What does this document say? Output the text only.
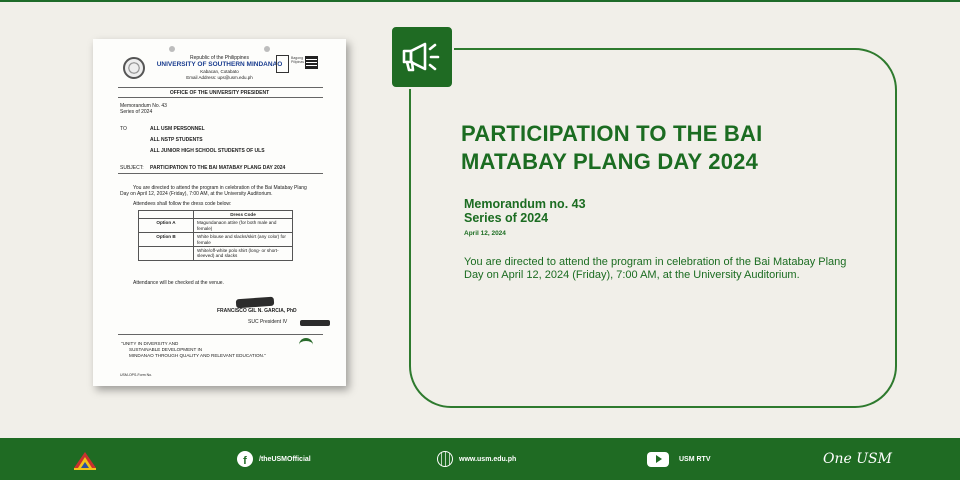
Republic of the Philippines
UNIVERSITY OF SOUTHERN MINDANAO
Kabacan, Cotabato
Email Address: ups@usm.edu.ph
Bagong Pilipinas
OFFICE OF THE UNIVERSITY PRESIDENT
Memorandum No. 43
Series of 2024
TO	ALL USM PERSONNEL
ALL NSTP STUDENTS
ALL JUNIOR HIGH SCHOOL STUDENTS OF ULS
SUBJECT: PARTICIPATION TO THE BAI MATABAY PLANG DAY 2024
You are directed to attend the program in celebration of the Bai Matabay Plang
Day on April 12, 2024 (Friday), 7:00 AM, at the University Auditorium.
Attendees shall follow the dress code below:
	Dress Code
Option A	Magundanaon attire (for both male and female)
Option B	White blouse and slacks/skirt (any color) for female
	White/off-white polo shirt (long- or short-sleeved) and slacks
Attendance will be checked at the venue.
FRANCISCO GIL N. GARCIA, PhD
SUC President IV
"UNITY IN DIVERSITY AND
SUSTAINABLE DEVELOPMENT IN
MINDANAO THROUGH QUALITY AND RELEVANT EDUCATION."
USM-OPS-Form No.
PARTICIPATION TO THE BAI
MATABAY PLANG DAY 2024
Memorandum no. 43
Series of 2024
April 12, 2024
You are directed to attend the program in celebration of the Bai Matabay Plang Day on April 12, 2024 (Friday), 7:00 AM, at the University Auditorium.
f	/theUSMOfficial	www.usm.edu.ph	USM RTV	One USM
